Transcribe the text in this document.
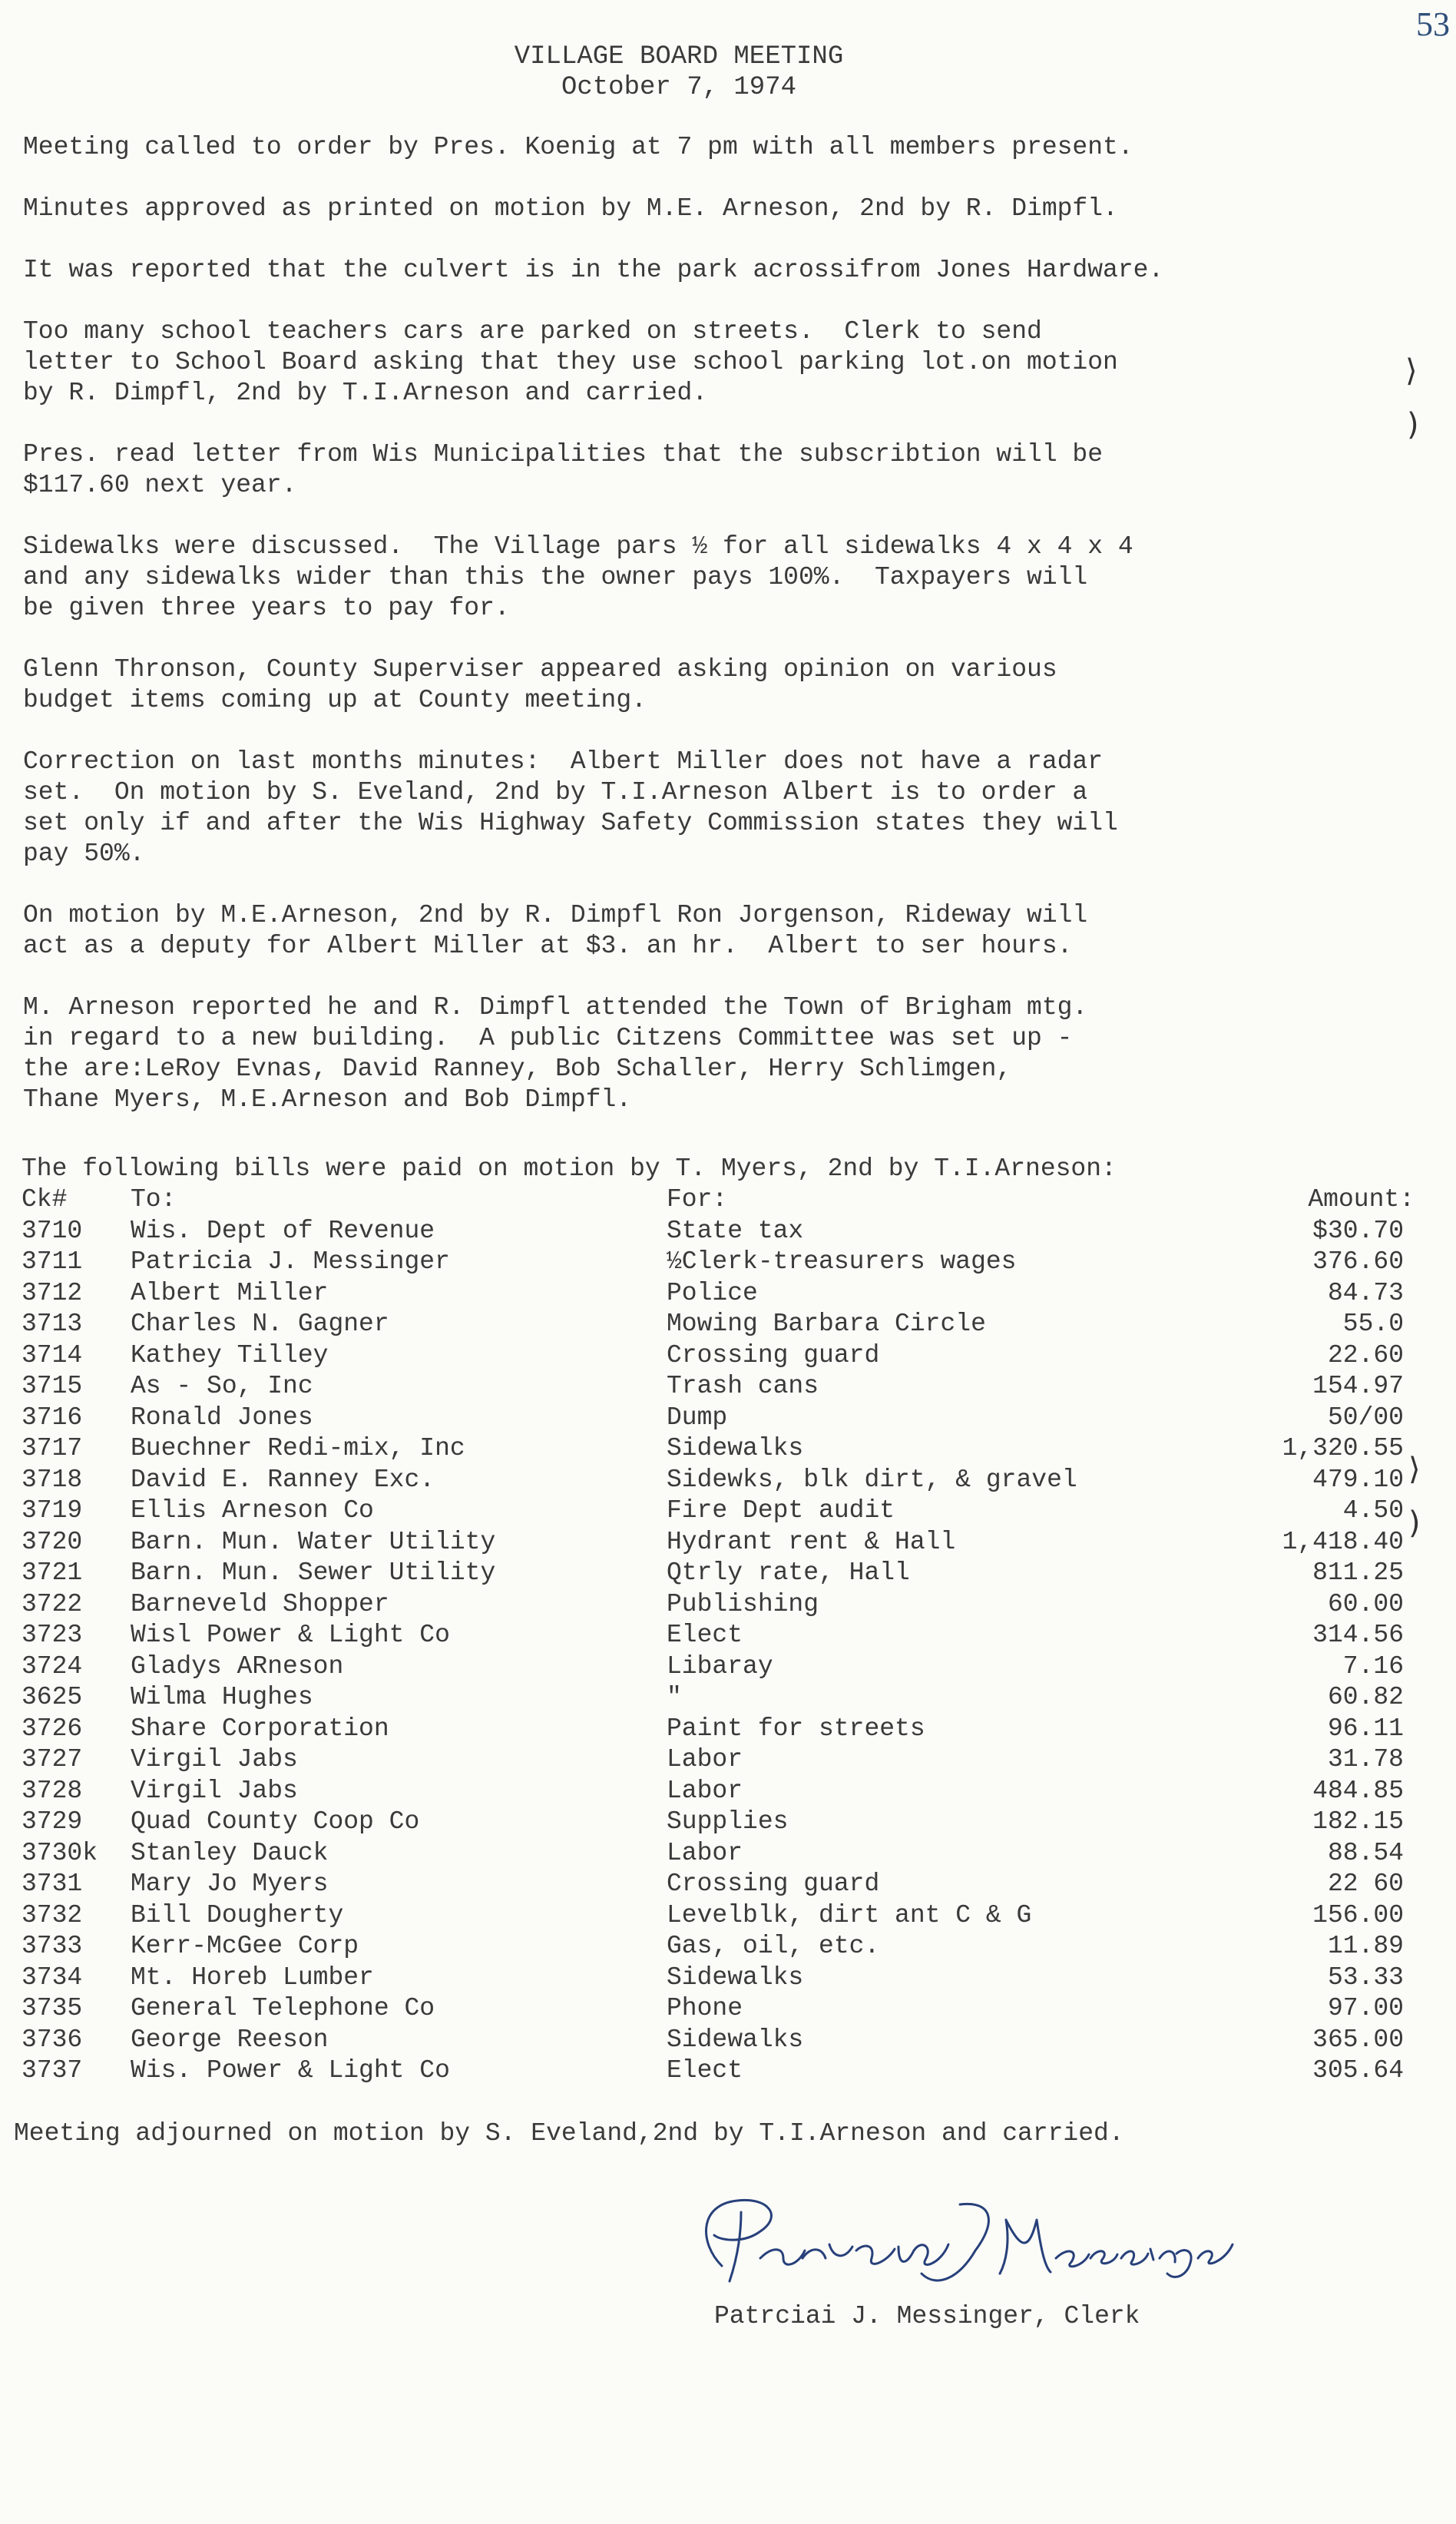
53
VILLAGE BOARD MEETING
October 7, 1974

Meeting called to order by Pres. Koenig at 7 pm with all members present.

Minutes approved as printed on motion by M.E. Arneson, 2nd by R. Dimpfl.

It was reported that the culvert is in the park acrossifrom Jones Hardware.

Too many school teachers cars are parked on streets.  Clerk to send
letter to School Board asking that they use school parking lot.on motion
by R. Dimpfl, 2nd by T.I.Arneson and carried.

Pres. read letter from Wis Municipalities that the subscribtion will be
$117.60 next year.

Sidewalks were discussed.  The Village pars ½ for all sidewalks 4 x 4 x 4
and any sidewalks wider than this the owner pays 100%.  Taxpayers will
be given three years to pay for.

Glenn Thronson, County Superviser appeared asking opinion on various
budget items coming up at County meeting.

Correction on last months minutes:  Albert Miller does not have a radar
set.  On motion by S. Eveland, 2nd by T.I.Arneson Albert is to order a
set only if and after the Wis Highway Safety Commission states they will
pay 50%.

On motion by M.E.Arneson, 2nd by R. Dimpfl Ron Jorgenson, Rideway will
act as a deputy for Albert Miller at $3. an hr.  Albert to ser hours.

M. Arneson reported he and R. Dimpfl attended the Town of Brigham mtg.
in regard to a new building.  A public Citzens Committee was set up -
the are:LeRoy Evnas, David Ranney, Bob Schaller, Herry Schlimgen,
Thane Myers, M.E.Arneson and Bob Dimpfl.

The following bills were paid on motion by T. Myers, 2nd by T.I.Arneson:

Ck#	To:	For:	Amount:
3710 Wis. Dept of Revenue	State tax	$30.70
3711 Patricia J. Messinger	½Clerk-treasurers wages	376.60
3712 Albert Miller	Police	84.73
3713 Charles N. Gagner	Mowing Barbara Circle	55.0
3714 Kathey Tilley	Crossing guard	22.60
3715 As - So, Inc	Trash cans	154.97
3716 Ronald Jones	Dump	50/00
3717 Buechner Redi-mix, Inc	Sidewalks	1,320.55
3718 David E. Ranney Exc.	Sidewks, blk dirt, & gravel	479.10
3719 Ellis Arneson Co	Fire Dept audit	4.50
3720 Barn. Mun. Water Utility	Hydrant rent & Hall	1,418.40
3721 Barn. Mun. Sewer Utility	Qtrly rate, Hall	811.25
3722 Barneveld Shopper	Publishing	60.00
3723 Wisl Power & Light Co	Elect	314.56
3724 Gladys ARneson	Libaray	7.16
3625 Wilma Hughes	"	60.82
3726 Share Corporation	Paint for streets	96.11
3727 Virgil Jabs	Labor	31.78
3728 Virgil Jabs	Labor	484.85
3729 Quad County Coop Co	Supplies	182.15
3730k Stanley Dauck	Labor	88.54
3731 Mary Jo Myers	Crossing guard	22 60
3732 Bill Dougherty	Levelblk, dirt ant C & G	156.00
3733 Kerr-McGee Corp	Gas, oil, etc.	11.89
3734 Mt. Horeb Lumber	Sidewalks	53.33
3735 General Telephone Co	Phone	97.00
3736 George Reeson	Sidewalks	365.00
3737 Wis. Power & Light Co	Elect	305.64
Meeting adjourned on motion by S. Eveland,2nd by T.I.Arneson and carried.
Patrciai J. Messinger, Clerk
⟩
)
⟩
)
